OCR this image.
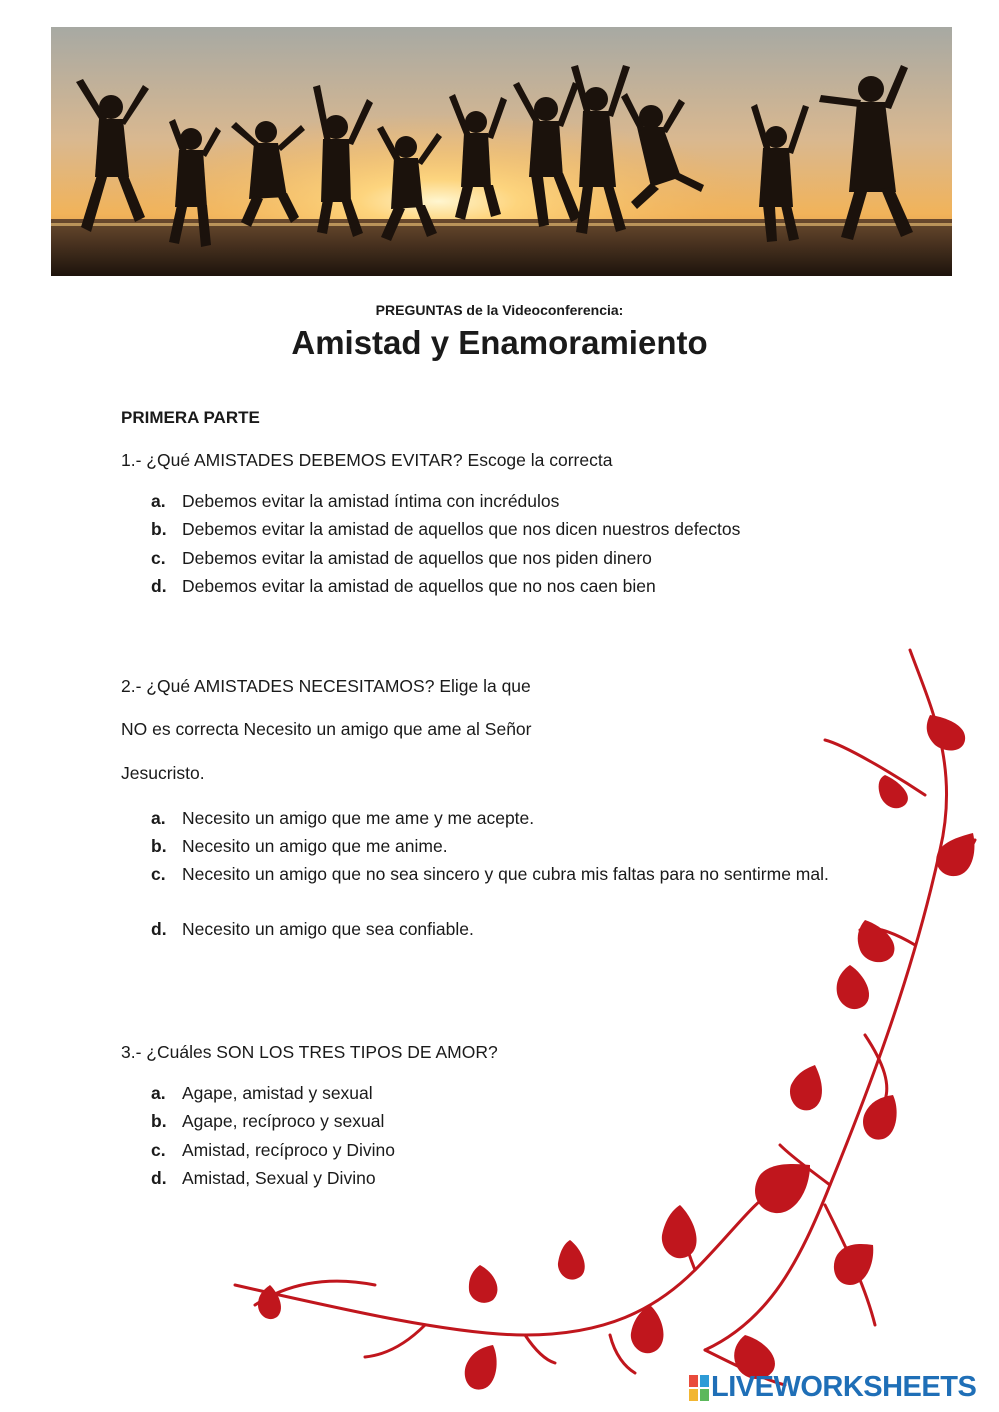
PREGUNTAS de la Videoconferencia:
Amistad y Enamoramiento
PRIMERA PARTE
1.- ¿Qué AMISTADES DEBEMOS EVITAR? Escoge la correcta
a. Debemos evitar la amistad íntima con incrédulos
b. Debemos evitar la amistad de aquellos que nos dicen nuestros defectos
c. Debemos evitar la amistad de aquellos que nos piden dinero
d. Debemos evitar la amistad de aquellos que no nos caen bien
2.- ¿Qué AMISTADES NECESITAMOS? Elige la que
NO es correcta Necesito un amigo que ame al Señor
Jesucristo.
a. Necesito un amigo que me ame y me acepte.
b. Necesito un amigo que me anime.
c. Necesito un amigo que no sea sincero y que cubra mis faltas para no sentirme mal.
d. Necesito un amigo que sea confiable.
3.- ¿Cuáles SON LOS TRES TIPOS DE AMOR?
a. Agape, amistad y sexual
b. Agape, recíproco y sexual
c. Amistad, recíproco y Divino
d. Amistad, Sexual y Divino
LIVEWORKSHEETS
